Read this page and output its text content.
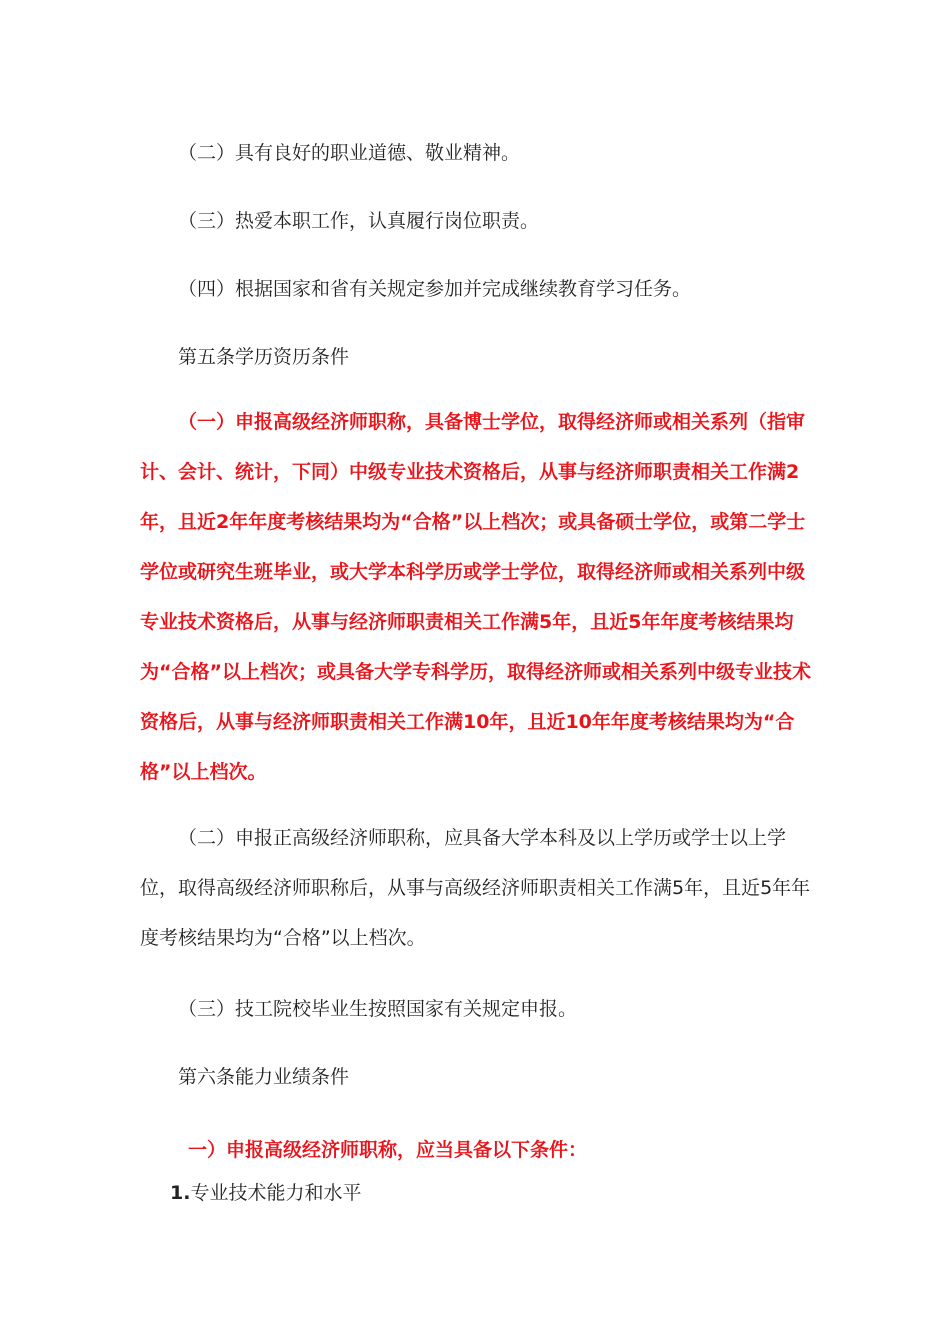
（二）具有良好的职业道德、敬业精神。

（三）热爱本职工作，认真履行岗位职责。

（四）根据国家和省有关规定参加并完成继续教育学习任务。

第五条学历资历条件

（一）申报高级经济师职称，具备博士学位，取得经济师或相关系列（指审计、会计、统计，下同）中级专业技术资格后，从事与经济师职责相关工作满2年，且近2年年度考核结果均为“合格”以上档次；或具备硕士学位，或第二学士学位或研究生班毕业，或大学本科学历或学士学位，取得经济师或相关系列中级专业技术资格后，从事与经济师职责相关工作满5年，且近5年年度考核结果均为“合格”以上档次；或具备大学专科学历，取得经济师或相关系列中级专业技术资格后，从事与经济师职责相关工作满10年，且近10年年度考核结果均为“合格”以上档次。

（二）申报正高级经济师职称，应具备大学本科及以上学历或学士以上学位，取得高级经济师职称后，从事与高级经济师职责相关工作满5年，且近5年年度考核结果均为“合格”以上档次。

（三）技工院校毕业生按照国家有关规定申报。

第六条能力业绩条件

一）申报高级经济师职称，应当具备以下条件：

1.专业技术能力和水平
